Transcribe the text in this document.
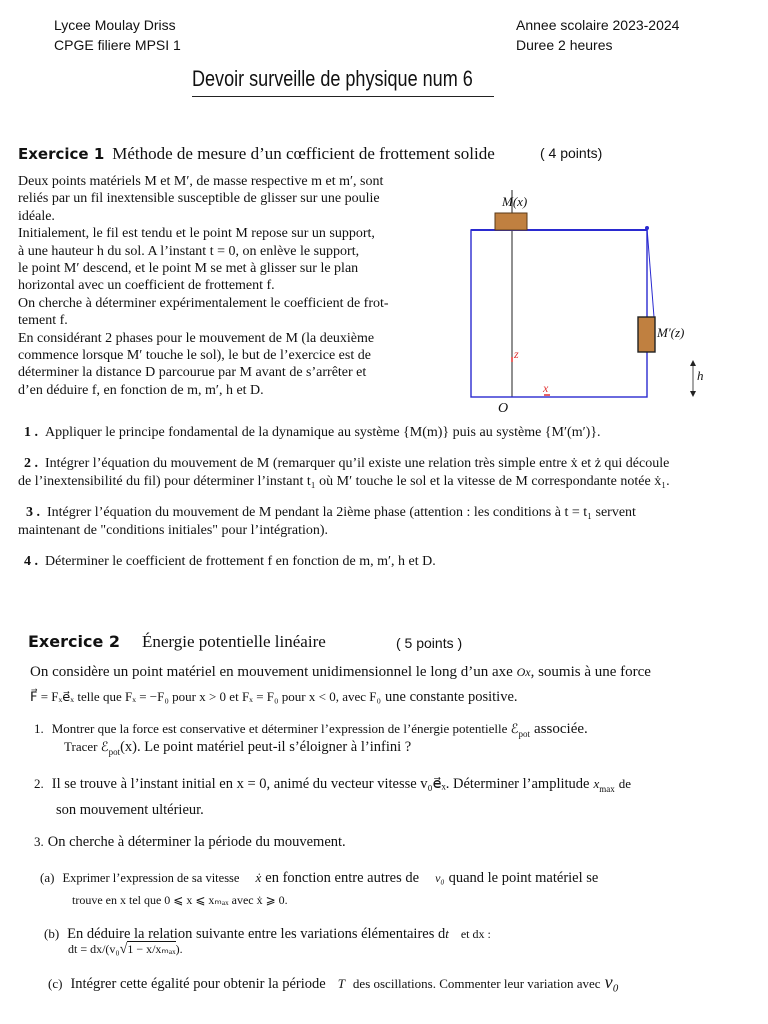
Lycee Moulay Driss
CPGE filiere MPSI 1
Annee scolaire 2023-2024
Duree 2 heures
Devoir surveille de physique num 6
Exercice 1 Méthode de mesure d’un cœfficient de frottement solide	( 4 points)
Deux points matériels M et M′, de masse respective m et m′, sont
reliés par un fil inextensible susceptible de glisser sur une poulie
idéale.
Initialement, le fil est tendu et le point M repose sur un support,
à une hauteur h du sol. A l’instant t = 0, on enlève le support,
le point M′ descend, et le point M se met à glisser sur le plan
horizontal avec un coefficient de frottement f.
On cherche à déterminer expérimentalement le coefficient de frot-
tement f.
En considérant 2 phases pour le mouvement de M (la deuxième
commence lorsque M′ touche le sol), le but de l’exercice est de
déterminer la distance D parcourue par M avant de s’arrêter et
d’en déduire f, en fonction de m, m′, h et D.
M(x)
M′(z)
z
x
h
O
1 . Appliquer le principe fondamental de la dynamique au système {M(m)} puis au système {M′(m′)}.
2 . Intégrer l’équation du mouvement de M (remarquer qu’il existe une relation très simple entre ẋ et ż qui découle
de l’inextensibilité du fil) pour déterminer l’instant t₁ où M′ touche le sol et la vitesse de M correspondante notée ẋ₁.
3 . Intégrer l’équation du mouvement de M pendant la 2ième phase (attention : les conditions à t = t₁ servent
maintenant de "conditions initiales" pour l’intégration).
4 . Déterminer le coefficient de frottement f en fonction de m, m′, h et D.
Exercice 2 Énergie potentielle linéaire	( 5 points )
On considère un point matériel en mouvement unidimensionnel le long d’un axe Ox, soumis à une force
F⃗ = Fₓe⃗ₓ telle que Fₓ = −F₀ pour x > 0 et Fₓ = F₀ pour x < 0, avec F₀ une constante positive.
1. Montrer que la force est conservative et déterminer l’expression de l’énergie potentielle ℰ$_{pot}$ associée.
Tracer ℰ$_{pot}$(x). Le point matériel peut-il s’éloigner à l’infini ?
2. Il se trouve à l’instant initial en x = 0, animé du vecteur vitesse v₀e⃗ₓ. Déterminer l’amplitude $x_{max}$ de
son mouvement ultérieur.
3. On cherche à déterminer la période du mouvement.
(a) Exprimer l’expression de sa vitesse ẋ en fonction entre autres de v₀ quand le point matériel se
trouve en x tel que 0 ⩽ x ⩽ xₘₐₓ avec ẋ ⩾ 0.
(b) En déduire la relation suivante entre les variations élémentaires dt et dx :
dt = dx/(v₀√1 − x/xₘₐₓ).
(c) Intégrer cette égalité pour obtenir la période T des oscillations. Commenter leur variation avec v₀
